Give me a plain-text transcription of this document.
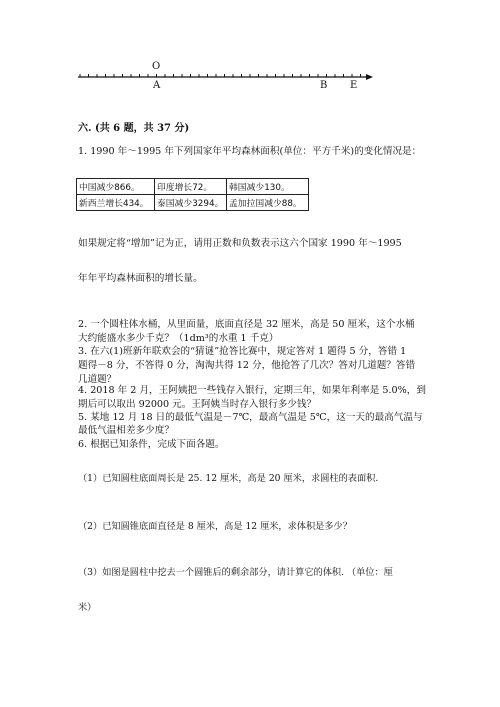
O
A	B E
六. (共 6 题，共 37 分)
1. 1990 年～1995 年下列国家年平均森林面积(单位：平方千米)的变化情况是：
中国减少866。	印度增长72。	韩国减少130。
新西兰增长434。	泰国减少3294。	孟加拉国减少88。
如果规定将“增加”记为正，请用正数和负数表示这六个国家 1990 年～1995
年年平均森林面积的增长量。
2. 一个圆柱体水桶，从里面量，底面直径是 32 厘米，高是 50 厘米，这个水桶
大约能盛水多少千克？（1dm³的水重 1 千克）
3. 在六(1)班新年联欢会的“猜谜”抢答比赛中，规定答对 1 题得 5 分，答错 1
题得－8 分，不答得 0 分，淘淘共得 12 分，他抢答了几次？答对几道题？答错
几道题？
4. 2018 年 2 月，王阿姨把一些钱存入银行，定期三年，如果年利率是 5.0%，到
期后可以取出 92000 元。王阿姨当时存入银行多少钱？
5. 某地 12 月 18 日的最低气温是－7℃，最高气温是 5℃，这一天的最高气温与
最低气温相差多少度？
6. 根据已知条件，完成下面各题。
（1）已知圆柱底面周长是 25. 12 厘米，高是 20 厘米，求圆柱的表面积.
（2）已知圆锥底面直径是 8 厘米，高是 12 厘米，求体积是多少？
（3）如图是圆柱中挖去一个圆锥后的剩余部分，请计算它的体积. （单位：厘
米）
